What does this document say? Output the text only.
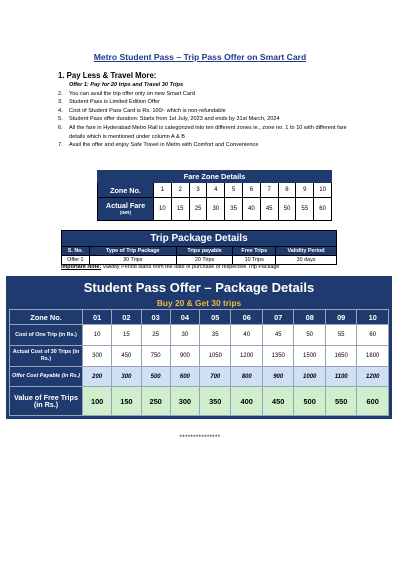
Metro Student Pass – Trip Pass Offer on Smart Card
1. Pay Less & Travel More:
Offer 1: Pay for 20 trips and Travel 30 Trips
2.	You can avail the trip offer only on new Smart Card
3.	Student Pass is Limited Edition Offer
4.	Cost of Student Pass Card is Rs. 100/- which is non-refundable
5.	Student Pass offer duration: Starts from 1st July, 2023 and ends by 31st March, 2024
6.	All the fare in Hyderabad Metro Rail is categorized into ten different zones ie., zone no. 1 to 10 with different fare details which is mentioned under column A & B
7.	Avail the offer and enjoy Safe Travel in Metro with Comfort and Convenience
Fare Zone Details										
Zone No.	1	2	3	4	5	6	7	8	9	10
Actual Fare
(INR)	10	15	25	30	35	40	45	50	55	60
Trip Package Details				
S. No.	Type of Trip Package	Trips payable	Free Trips	Validity Period
Offer 1	30 Trips	20 Trips	10 Trips	30 days
Important Note: Validity Period starts from the date of purchase of respective Trip Package
Student Pass Offer – Package Details
Buy 20 & Get 30 trips
Zone No.	01	02	03	04	05	06	07	08	09	10
Cost of One Trip (in Rs.)	10	15	25	30	35	40	45	50	55	60
Actual Cost of 30 Trips (in Rs.)	300	450	750	900	1050	1200	1350	1500	1650	1800
Offer Cost Payable (in Rs.)	200	300	500	600	700	800	900	1000	1100	1200
Value of Free Trips (in Rs.)	100	150	250	300	350	400	450	500	550	600
***************
